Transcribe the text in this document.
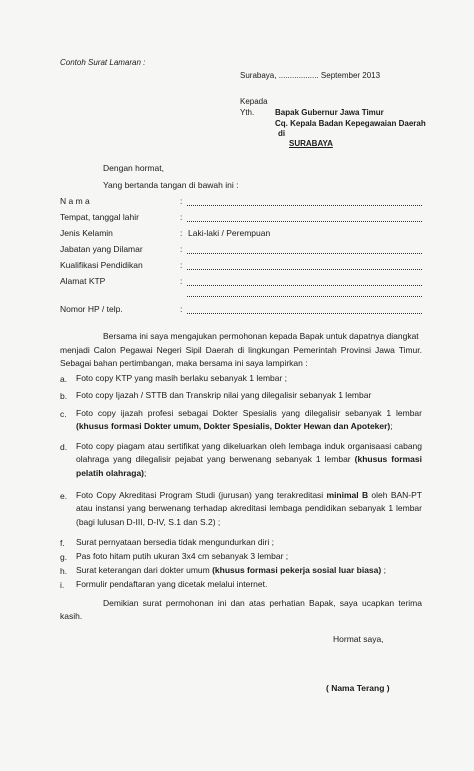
Contoh Surat Lamaran :
Surabaya, .................. September 2013
Kepada
Yth.	Bapak Gubernur Jawa Timur
Cq. Kepala Badan Kepegawaian Daerah
di
SURABAYA
Dengan hormat,
Yang bertanda tangan di bawah ini :
N a m a	:
Tempat, tanggal lahir	:
Jenis Kelamin	: Laki-laki / Perempuan
Jabatan yang Dilamar	:
Kualifikasi Pendidikan	:
Alamat KTP	:
Nomor HP / telp.	:
Bersama ini saya mengajukan permohonan kepada Bapak untuk dapatnya diangkat
menjadi Calon Pegawai Negeri Sipil Daerah di lingkungan Pemerintah Provinsi Jawa Timur. Sebagai bahan pertimbangan, maka bersama ini saya lampirkan :
a. Foto copy KTP yang masih berlaku sebanyak 1 lembar ;
b. Foto copy Ijazah / STTB dan Transkrip nilai yang dilegalisir sebanyak 1 lembar
c. Foto copy ijazah profesi sebagai Dokter Spesialis yang dilegalisir sebanyak 1 lembar (khusus formasi Dokter umum, Dokter Spesialis, Dokter Hewan dan Apoteker);
d. Foto copy piagam atau sertifikat yang dikeluarkan oleh lembaga induk organisaasi cabang olahraga yang dilegalisir pejabat yang berwenang sebanyak 1 lembar (khusus formasi pelatih olahraga);
e. Foto Copy Akreditasi Program Studi (jurusan) yang terakreditasi minimal B oleh BAN-PT atau instansi yang berwenang terhadap akreditasi lembaga pendidikan sebanyak 1 lembar (bagi lulusan D-III, D-IV, S.1 dan S.2) ;
f. Surat pernyataan bersedia tidak mengundurkan diri ;
g. Pas foto hitam putih ukuran 3x4 cm sebanyak 3 lembar ;
h. Surat keterangan dari dokter umum (khusus formasi pekerja sosial luar biasa) ;
i. Formulir pendaftaran yang dicetak melalui internet.
Demikian surat permohonan ini dan atas perhatian Bapak, saya ucapkan terima kasih.
Hormat saya,
( Nama Terang )
